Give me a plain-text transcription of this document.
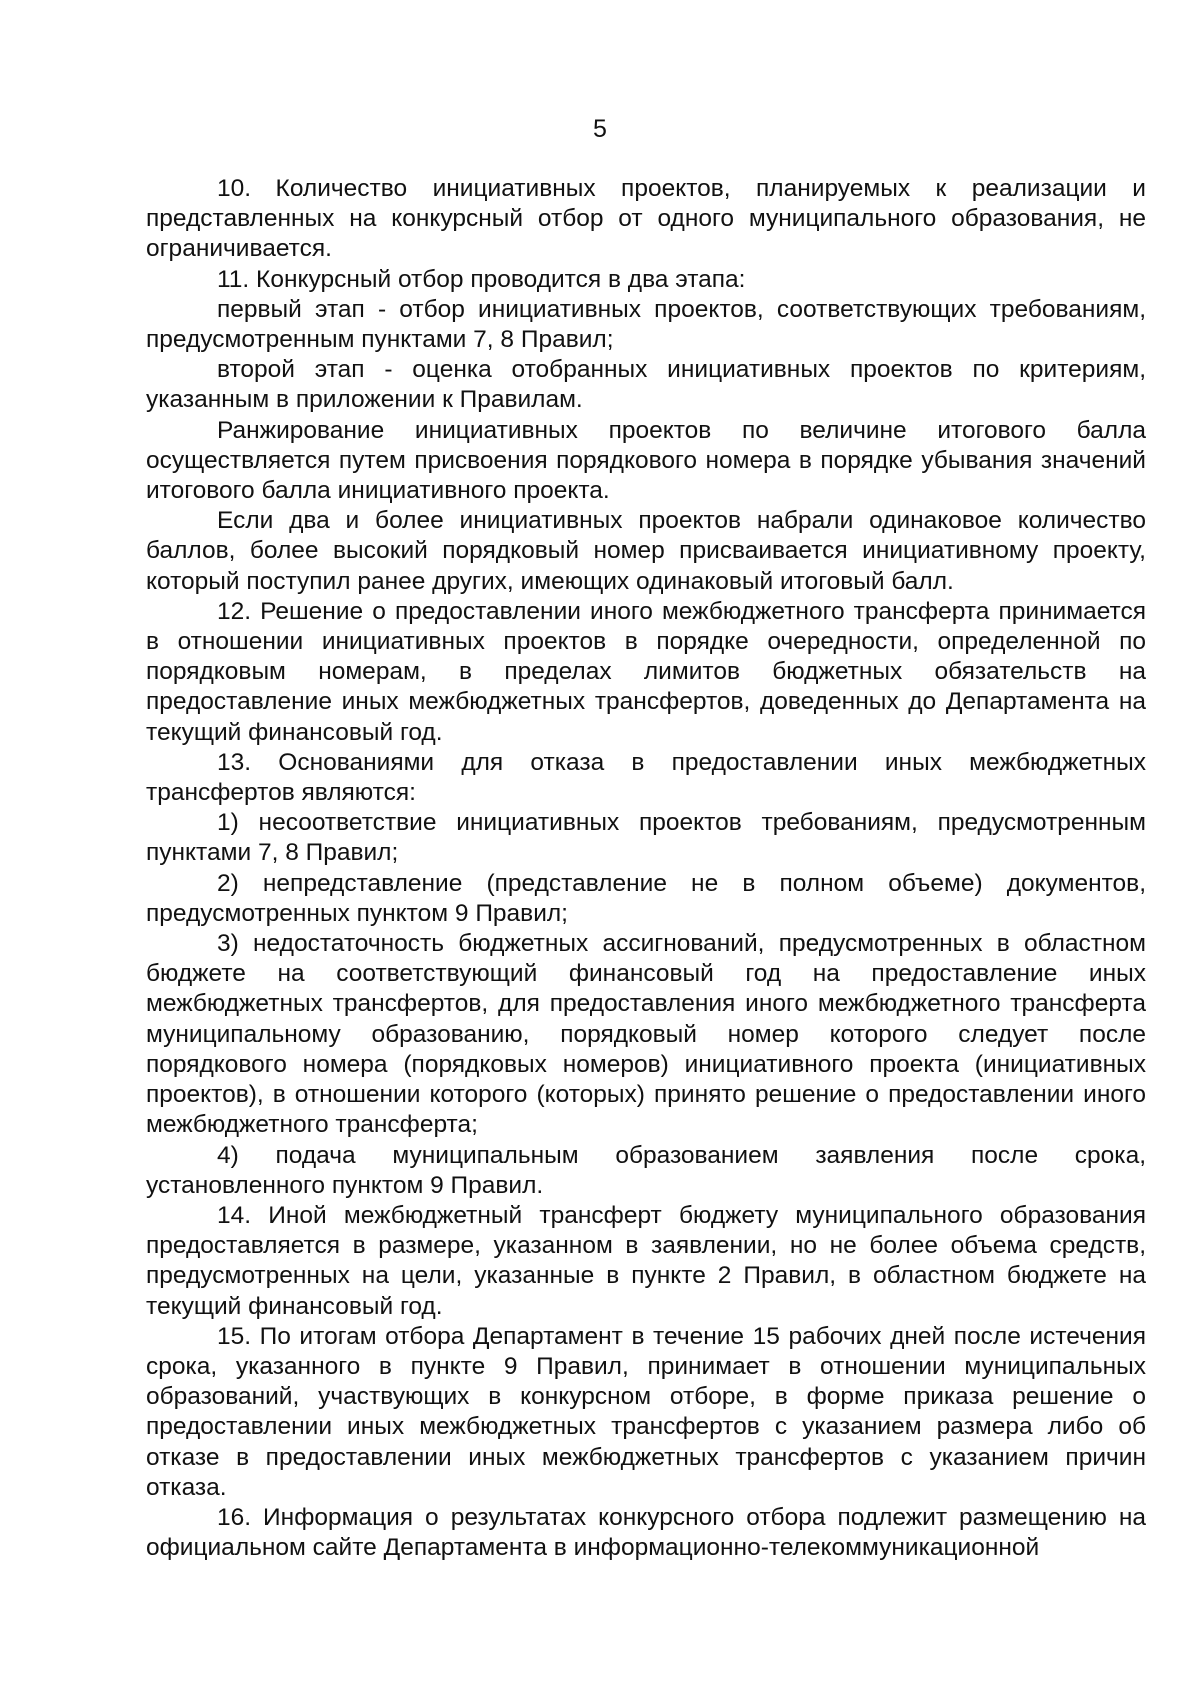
5

10. Количество инициативных проектов, планируемых к реализации и представленных на конкурсный отбор от одного муниципального образования, не ограничивается.

11. Конкурсный отбор проводится в два этапа:

первый этап - отбор инициативных проектов, соответствующих требованиям, предусмотренным пунктами 7, 8 Правил;

второй этап - оценка отобранных инициативных проектов по критериям, указанным в приложении к Правилам.

Ранжирование инициативных проектов по величине итогового балла осуществляется путем присвоения порядкового номера в порядке убывания значений итогового балла инициативного проекта.

Если два и более инициативных проектов набрали одинаковое количество баллов, более высокий порядковый номер присваивается инициативному проекту, который поступил ранее других, имеющих одинаковый итоговый балл.

12. Решение о предоставлении иного межбюджетного трансферта принимается в отношении инициативных проектов в порядке очередности, определенной по порядковым номерам, в пределах лимитов бюджетных обязательств на предоставление иных межбюджетных трансфертов, доведенных до Департамента на текущий финансовый год.

13. Основаниями для отказа в предоставлении иных межбюджетных трансфертов являются:

1) несоответствие инициативных проектов требованиям, предусмотренным пунктами 7, 8 Правил;

2) непредставление (представление не в полном объеме) документов, предусмотренных пунктом 9 Правил;

3) недостаточность бюджетных ассигнований, предусмотренных в областном бюджете на соответствующий финансовый год на предоставление иных межбюджетных трансфертов, для предоставления иного межбюджетного трансферта муниципальному образованию, порядковый номер которого следует после порядкового номера (порядковых номеров) инициативного проекта (инициативных проектов), в отношении которого (которых) принято решение о предоставлении иного межбюджетного трансферта;

4) подача муниципальным образованием заявления после срока, установленного пунктом 9 Правил.

14. Иной межбюджетный трансферт бюджету муниципального образования предоставляется в размере, указанном в заявлении, но не более объема средств, предусмотренных на цели, указанные в пункте 2 Правил, в областном бюджете на текущий финансовый год.

15. По итогам отбора Департамент в течение 15 рабочих дней после истечения срока, указанного в пункте 9 Правил, принимает в отношении муниципальных образований, участвующих в конкурсном отборе, в форме приказа решение о предоставлении иных межбюджетных трансфертов с указанием размера либо об отказе в предоставлении иных межбюджетных трансфертов с указанием причин отказа.

16. Информация о результатах конкурсного отбора подлежит размещению на официальном сайте Департамента в информационно-телекоммуникационной
